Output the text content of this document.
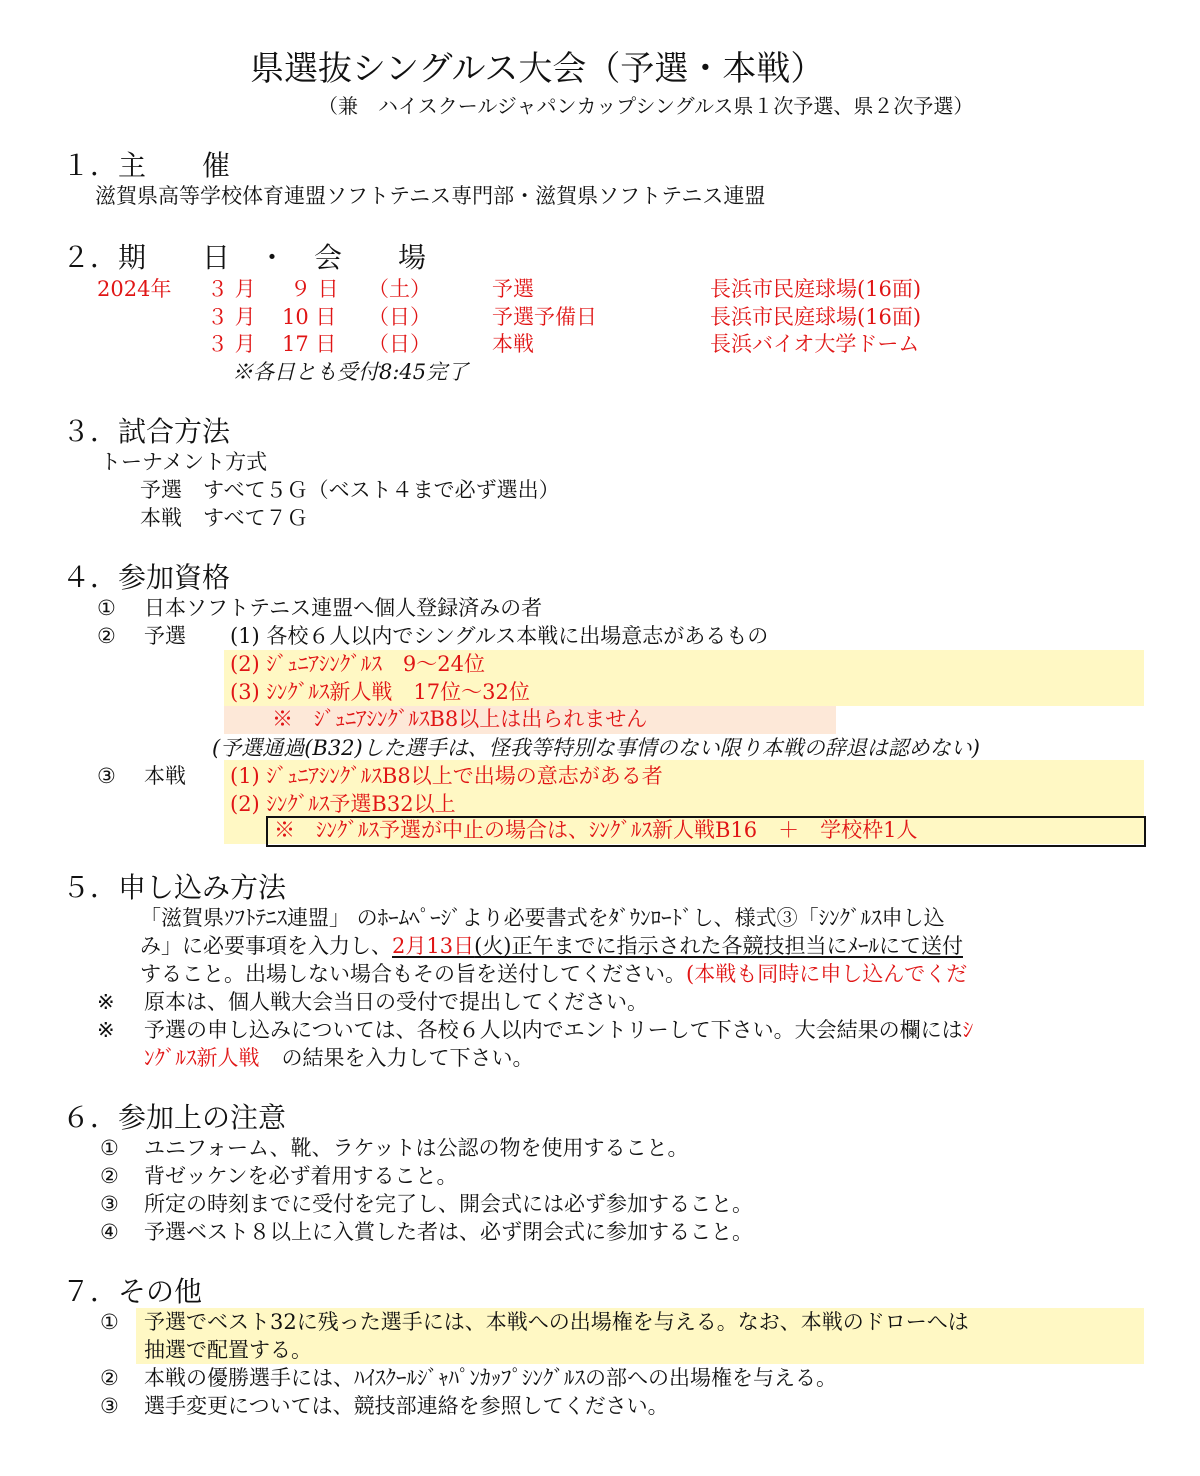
県選抜シングルス大会（予選・本戦）
（兼　ハイスクールジャパンカップシングルス県１次予選、県２次予選）
１．主　　催
滋賀県高等学校体育連盟ソフトテニス専門部・滋賀県ソフトテニス連盟
２．期　　日　・　会　　場
2024年 ３ 月 ９ 日 （土）	予選	長浜市民庭球場(16面)
３ 月 10 日 （日）	予選予備日	長浜市民庭球場(16面)
３ 月 17 日 （日）	本戦	長浜バイオ大学ドーム
※各日とも受付8:45完了
３．試合方法
トーナメント方式
予選　すべて５Ｇ（ベスト４まで必ず選出）
本戦　すべて７Ｇ
４．参加資格
① 日本ソフトテニス連盟へ個人登録済みの者
② 予選 (1) 各校６人以内でシングルス本戦に出場意志があるもの
(2) ｼﾞｭﾆｱｼﾝｸﾞﾙｽ　9〜24位
(3) ｼﾝｸﾞﾙｽ新人戦　17位〜32位
※　ｼﾞｭﾆｱｼﾝｸﾞﾙｽB8以上は出られません
(予選通過(B32)した選手は、怪我等特別な事情のない限り本戦の辞退は認めない)
③ 本戦 (1) ｼﾞｭﾆｱｼﾝｸﾞﾙｽB8以上で出場の意志がある者
(2) ｼﾝｸﾞﾙｽ予選B32以上
※　ｼﾝｸﾞﾙｽ予選が中止の場合は、ｼﾝｸﾞﾙｽ新人戦B16　＋　学校枠1人
５．申し込み方法
「滋賀県ｿﾌﾄﾃﾆｽ連盟」 のﾎｰﾑﾍﾟｰｼﾞより必要書式をﾀﾞｳﾝﾛｰﾄﾞし、様式③「ｼﾝｸﾞﾙｽ申し込
み」に必要事項を入力し、2月13日(火)正午までに指示された各競技担当にﾒｰﾙにて送付
すること。出場しない場合もその旨を送付してください。(本戦も同時に申し込んでくだ
※ 原本は、個人戦大会当日の受付で提出してください。
※ 予選の申し込みについては、各校６人以内でエントリーして下さい。大会結果の欄にはｼ
ﾝｸﾞﾙｽ新人戦 の結果を入力して下さい。
６．参加上の注意
① ユニフォーム、靴、ラケットは公認の物を使用すること。
② 背ゼッケンを必ず着用すること。
③ 所定の時刻までに受付を完了し、開会式には必ず参加すること。
④ 予選ベスト８以上に入賞した者は、必ず閉会式に参加すること。
７．その他
① 予選でベスト32に残った選手には、本戦への出場権を与える。なお、本戦のドローへは
抽選で配置する。
② 本戦の優勝選手には、ﾊｲｽｸｰﾙｼﾞｬﾊﾟﾝｶｯﾌﾟｼﾝｸﾞﾙｽの部への出場権を与える。
③ 選手変更については、競技部連絡を参照してください。
